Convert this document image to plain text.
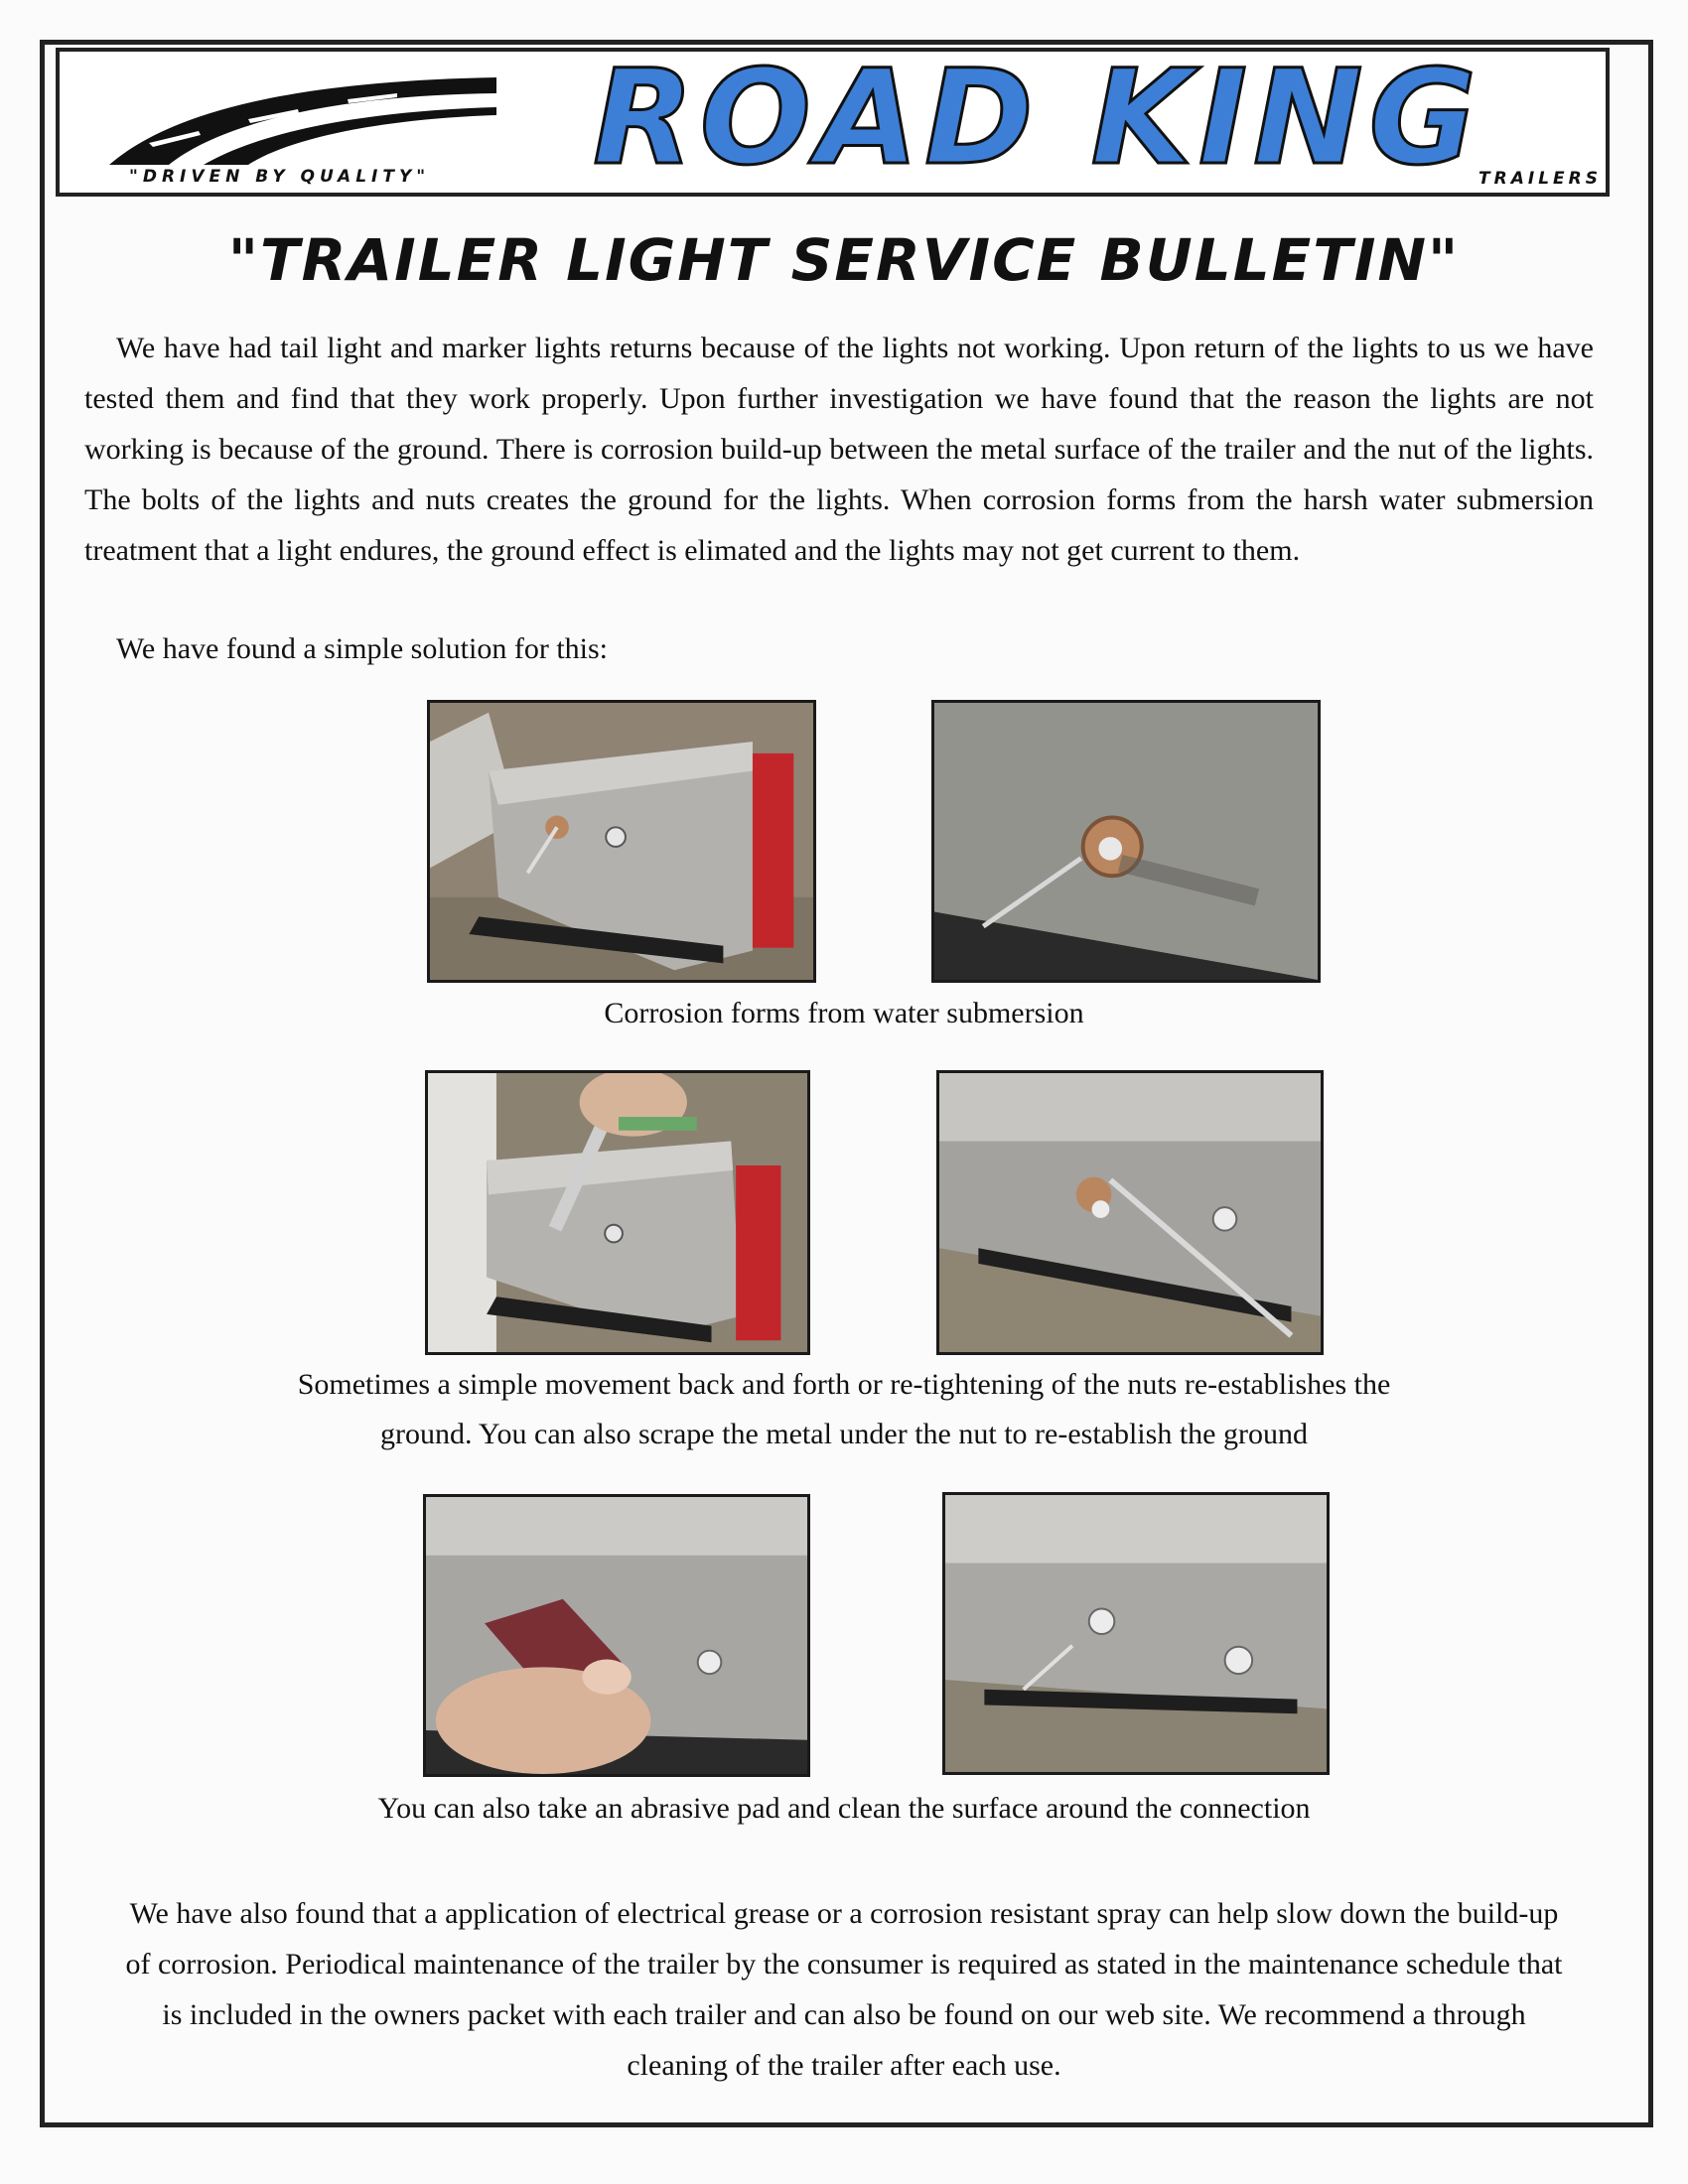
ROAD KING
"DRIVEN BY QUALITY"	TRAILERS
"TRAILER LIGHT SERVICE BULLETIN"

We have had tail light and marker lights returns because of the lights not working. Upon return of the lights to us we have tested them and find that they work properly. Upon further investigation we have found that the reason the lights are not working is because of the ground. There is corrosion build-up between the metal surface of the trailer and the nut of the lights. The bolts of the lights and nuts creates the ground for the lights. When corrosion forms from the harsh water submersion treatment that a light endures, the ground effect is elimated and the lights may not get current to them.

We have found a simple solution for this:

Corrosion forms from water submersion

Sometimes a simple movement back and forth or re-tightening of the nuts re-establishes the

ground. You can also scrape the metal under the nut to re-establish the ground

You can also take an abrasive pad and clean the surface around the connection

We have also found that a application of electrical grease or a corrosion resistant spray can help slow down the build-up of corrosion. Periodical maintenance of the trailer by the consumer is required as stated in the maintenance schedule that is included in the owners packet with each trailer and can also be found on our web site. We recommend a through cleaning of the trailer after each use.
